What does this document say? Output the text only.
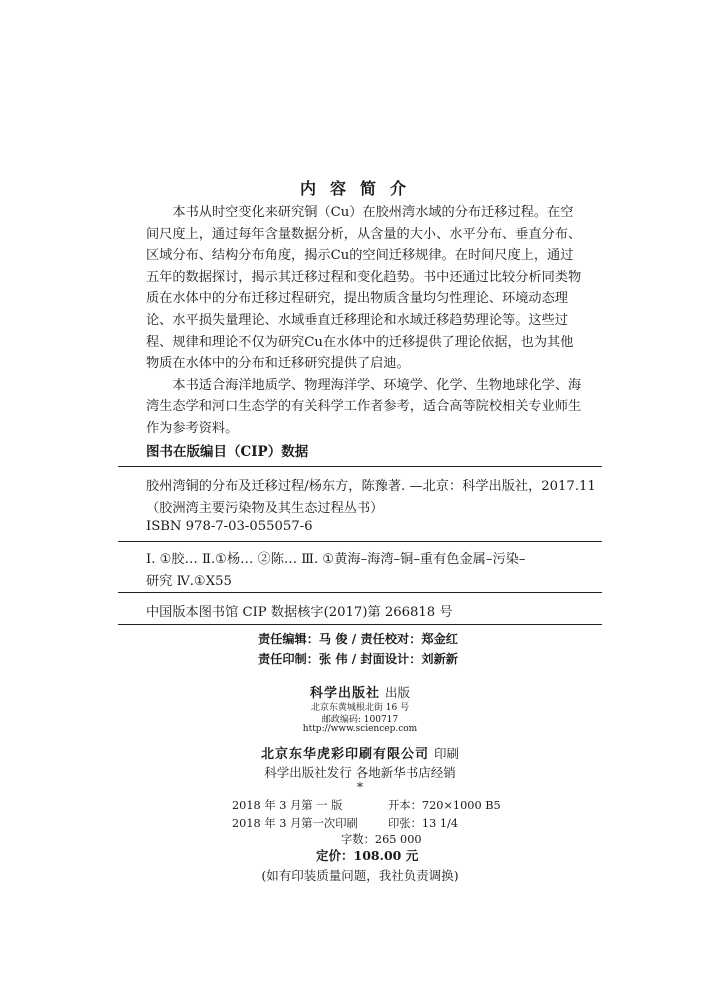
内容简介

本书从时空变化来研究铜（Cu）在胶州湾水域的分布迁移过程。在空间尺度上，通过每年含量数据分析，从含量的大小、水平分布、垂直分布、区域分布、结构分布角度，揭示Cu的空间迁移规律。在时间尺度上，通过五年的数据探讨，揭示其迁移过程和变化趋势。书中还通过比较分析同类物质在水体中的分布迁移过程研究，提出物质含量均匀性理论、环境动态理论、水平损失量理论、水域垂直迁移理论和水域迁移趋势理论等。这些过程、规律和理论不仅为研究Cu在水体中的迁移提供了理论依据，也为其他物质在水体中的分布和迁移研究提供了启迪。

本书适合海洋地质学、物理海洋学、环境学、化学、生物地球化学、海湾生态学和河口生态学的有关科学工作者参考，适合高等院校相关专业师生作为参考资料。

图书在版编目（CIP）数据
胶州湾铜的分布及迁移过程/杨东方，陈豫著. —北京：科学出版社，2017.11
（胶洲湾主要污染物及其生态过程丛书）
ISBN 978-7-03-055057-6
Ⅰ. ①胶… Ⅱ.①杨… ②陈… Ⅲ. ①黄海–海湾–铜–重有色金属–污染–
研究 Ⅳ.①X55
中国版本图书馆 CIP 数据核字(2017)第 266818 号
责任编辑：马 俊 / 责任校对：郑金红
责任印制：张 伟 / 封面设计：刘新新
科学出版社 出版
北京东黄城根北街 16 号
邮政编码: 100717
http://www.sciencep.com
北京东华虎彩印刷有限公司 印刷
科学出版社发行 各地新华书店经销
*
2018 年 3 月第 一 版	开本：720×1000 B5
2018 年 3 月第一次印刷	印张：13 1/4
字数：265 000
定价：108.00 元
(如有印装质量问题，我社负责调换)
